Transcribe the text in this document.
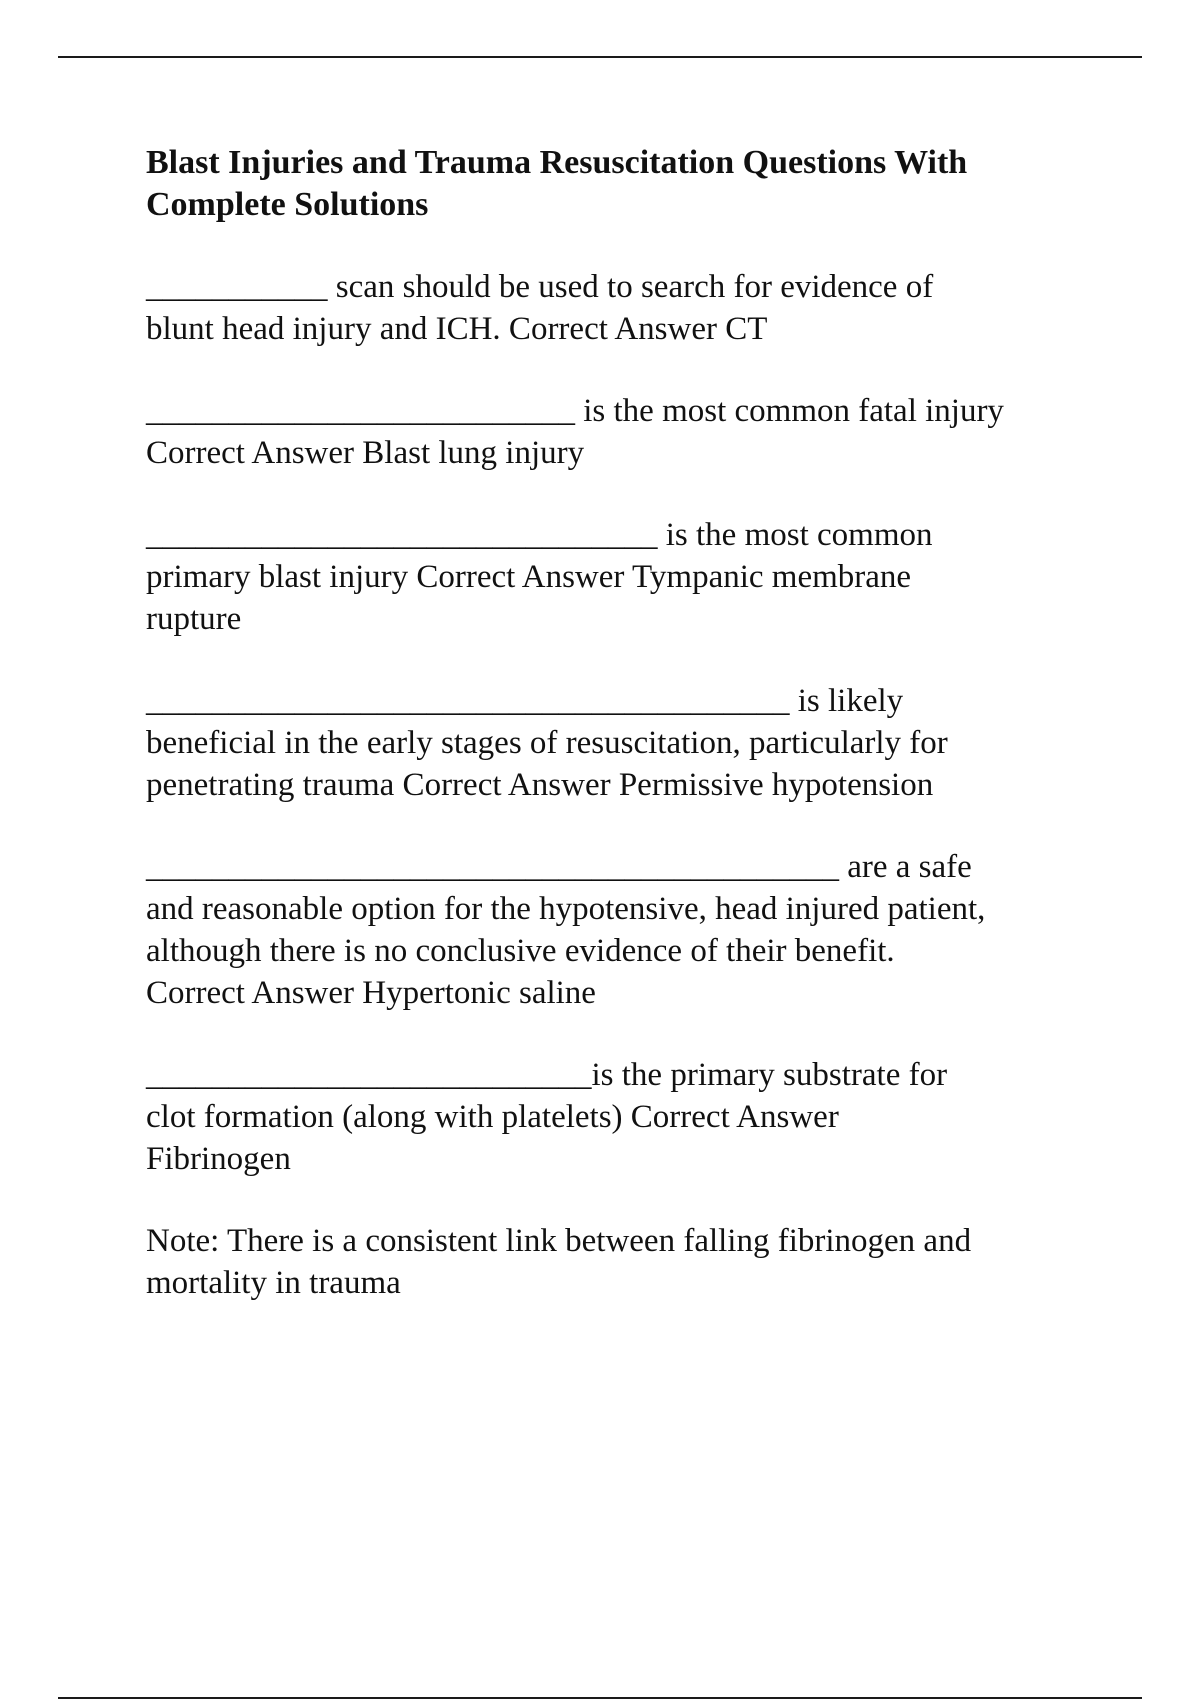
Blast Injuries and Trauma Resuscitation Questions With Complete Solutions

___________ scan should be used to search for evidence of
blunt head injury and ICH. Correct Answer CT

__________________________ is the most common fatal injury
Correct Answer Blast lung injury

_______________________________ is the most common
primary blast injury Correct Answer Tympanic membrane
rupture

_______________________________________ is likely
beneficial in the early stages of resuscitation, particularly for
penetrating trauma Correct Answer Permissive hypotension

__________________________________________ are a safe
and reasonable option for the hypotensive, head injured patient,
although there is no conclusive evidence of their benefit.
Correct Answer Hypertonic saline

___________________________is the primary substrate for
clot formation (along with platelets) Correct Answer
Fibrinogen

Note: There is a consistent link between falling fibrinogen and
mortality in trauma
